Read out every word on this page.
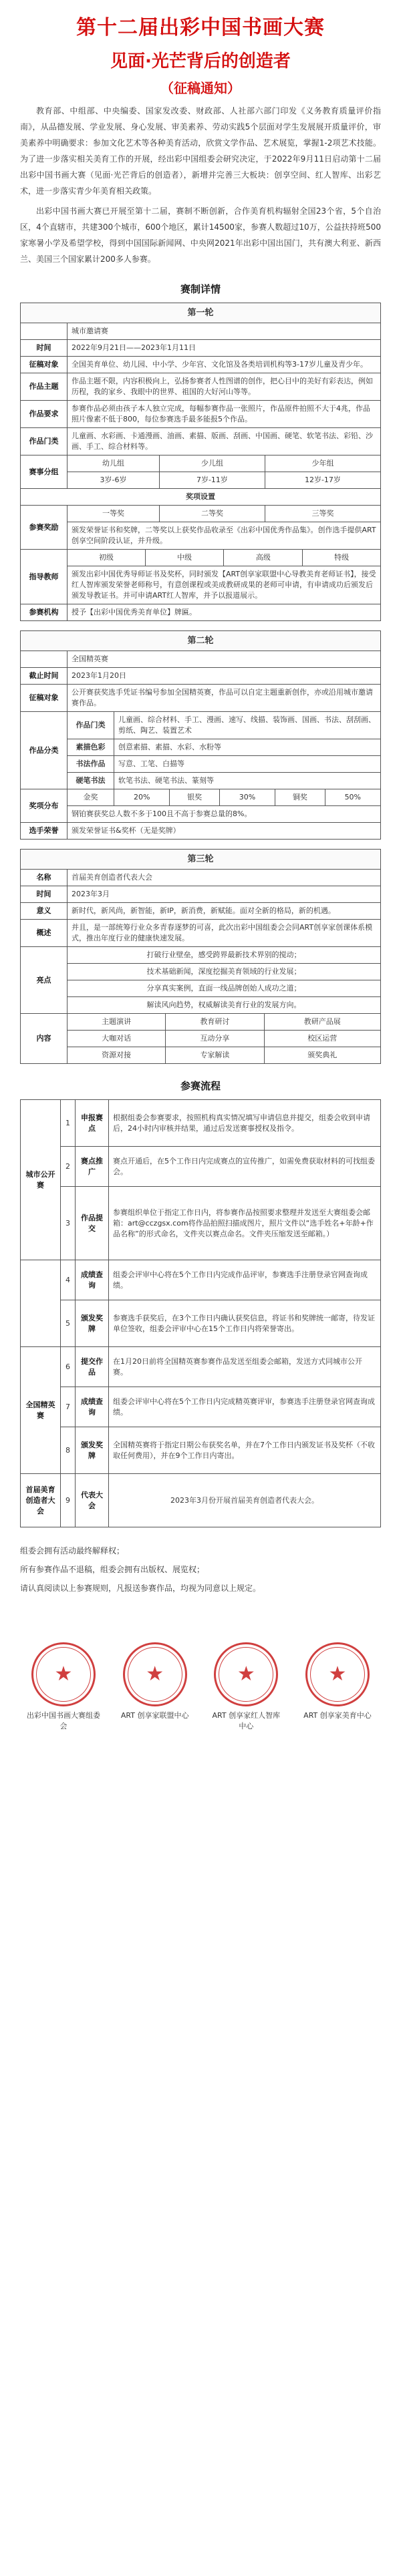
第十二届出彩中国书画大赛
见面·光芒背后的创造者
（征稿通知）

教育部、中组部、中央编委、国家发改委、财政部、人社部六部门印发《义务教育质量评价指南》，从品德发展、学业发展、身心发展、审美素养、劳动实践5个层面对学生发展展开质量评价，审美素养中明确要求：参加文化艺术等各种美育活动，欣赏文学作品、艺术展览，掌握1-2项艺术技能。为了进一步落实相关美育工作的开展，经出彩中国组委会研究决定，于2022年9月11日启动第十二届出彩中国书画大赛（见面·光芒背后的创造者），新增并完善三大板块：创享空间、红人智库、出彩艺术，进一步落实青少年美育相关政策。

出彩中国书画大赛已开展至第十二届，赛制不断创新，合作美育机构辐射全国23个省，5个自治区，4个直辖市，共建300个城市，600个地区，累计14500家，参赛人数超过10万，公益扶持班500家寒暑小学及希望学校，得到中国国际新闻网、中央网2021年出彩中国出国门，共有澳大利亚、新西兰、美国三个国家累计200多人参赛。

赛制详情
第一轮
	城市邀请赛
时间	2022年9月21日——2023年1月11日
征稿对象	全国美育单位、幼儿园、中小学、少年宫、文化馆及各类培训机构等3-17岁儿童及青少年。
作品主题	作品主题不限，内容积极向上，弘扬参赛者人性图谱的创作，把心目中的美好有彩表达，例如历程，我的家乡、我眼中的世界、祖国的大好河山等等。
作品要求	参赛作品必须由孩子本人独立完成，每幅参赛作品一张照片，作品原件拍照不大于4兆，作品照片像素不低于800，每位参赛选手最多能报5个作品。
作品门类	儿童画、水彩画、卡通漫画、油画、素描、版画、刮画、中国画、硬笔、软笔书法、彩铅、沙画、手工、综合材料等。
赛事分组	幼儿组	少儿组	少年组
3岁-6岁	7岁-11岁	12岁-17岁
奖项设置
参赛奖励	一等奖	二等奖	三等奖
颁发荣誉证书和奖牌，二等奖以上获奖作品收录至《出彩中国优秀作品集》。创作选手提供ART创享空间阶段认证，并升级。
指导教师	
初级	中级	高级	特级

颁发出彩中国优秀导师证书及奖杯，同时颁发【ART创享家联盟中心导教美育老师证书】，接受红人智库颁发荣誉老师称号，有意创课程或美成教研成果的老师可申请，有申请成功后颁发后颁发导教证书。并可申请ART红人智库，并予以报道展示。
参赛机构	授予【出彩中国优秀美育单位】牌匾。
第二轮						
	全国精英赛					
截止时间	2023年1月20日					
征稿对象	公开赛获奖选手凭证书编号参加全国精英赛，作品可以自定主题重新创作，亦或沿用城市邀请赛作品。					
作品分类	作品门类	儿童画、综合材料、手工、漫画、速写、线描、装饰画、国画、书法、刮刮画、剪纸、陶艺、装置艺术				
	素描色彩	创意素描、素描、水彩、水粉等				
	书法作品	写意、工笔、白描等				
	硬笔书法	软笔书法、硬笔书法、篆刻等				
奖项分布	金奖	20%	银奖	30%	铜奖	50%
	钢铂赛获奖总人数不多于100且不高于参赛总量的8%。					
选手荣誉	颁发荣誉证书&奖杯（无是奖牌）					
第三轮			
名称	首届美育创造者代表大会		
时间	2023年3月		
意义	新时代，新风尚，新智能，新IP，新消费，新赋能。面对全新的格局，新的机遇。		
概述	并且，是一部统筹行业众多青春逐梦的可喜，此次出彩中国组委会会同ART创享家创课体系模式，推出年度行业的健康快速发展。		
亮点	打破行业壁垒，感受跨界最新技术界别的搅动；		
	技术基础新闻，深度挖掘美育领域的行业发展；		
	分享真实案例，直面一线品牌创始人成功之道；		
	解读风向趋势，权威解读美育行业的发展方向。		
内容	主题演讲	教育研讨	教研产品展
	大咖对话	互动分享	校区运营
	资源对接	专家解读	颁奖典礼
参赛流程
城市公开赛	1	申报赛点	根据组委会参赛要求，按照机构真实情况填写申请信息并提交，组委会收到申请后，24小时内审核并结果，通过后发送赛事授权及指令。
	2	赛点推广	赛点开通后，在5个工作日内完成赛点的宣传推广，如需免费获取材料的可找组委会。
	3	作品提交	参赛组织单位于指定工作日内，将参赛作品按照要求整理并发送至大赛组委会邮箱：art@cczgsx.com将作品拍照扫描成图片，照片文件以“选手姓名+年龄+作品名称”的形式命名，文件夹以赛点命名。文件夹压缩发送至邮箱。）
	4	成绩查询	组委会评审中心将在5个工作日内完成作品评审，参赛选手注册登录官网查询成绩。
	5	颁发奖牌	参赛选手获奖后，在3个工作日内确认获奖信息，将证书和奖牌统一邮寄，待发证单位签收，组委会评审中心在15个工作日内将荣誉寄出。
全国精英赛	6	提交作品	在1月20日前将全国精英赛参赛作品发送至组委会邮箱，发送方式同城市公开赛。
	7	成绩查询	组委会评审中心将在5个工作日内完成精英赛评审，参赛选手注册登录官网查询成绩。
	8	颁发奖牌	全国精英赛将于指定日期公布获奖名单，并在7个工作日内颁发证书及奖杯（不收取任何费用），并在9个工作日内寄出。
首届美育创造者大会	9	代表大会	2023年3月份开展首届美育创造者代表大会。

组委会拥有活动最终解释权；

所有参赛作品不退稿，组委会拥有出版权、展览权；

请认真阅读以上参赛规则，凡报送参赛作品，均视为同意以上规定。

★
出彩中国书画大赛组委会
★
ART 创享家联盟中心
★
ART 创享家红人智库中心
★
ART 创享家美育中心
